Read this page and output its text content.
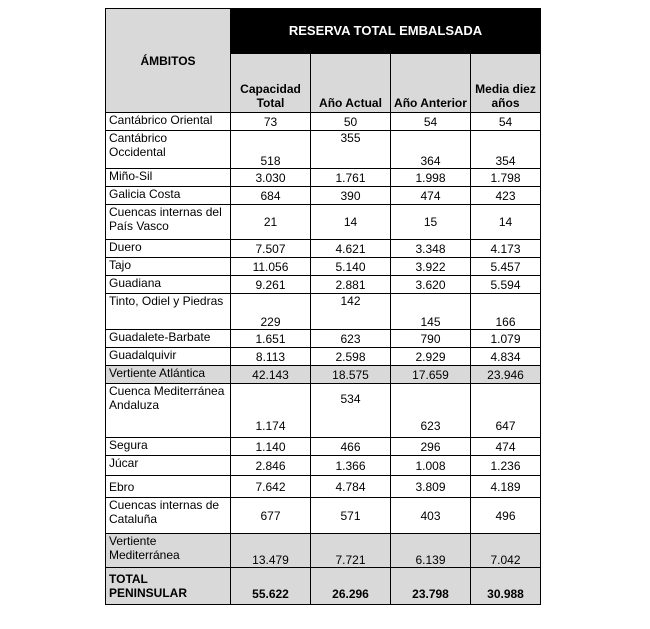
ÁMBITOS	RESERVA TOTAL EMBALSADA			
	Capacidad Total	Año Actual	Año Anterior	Media diez años
Cantábrico Oriental	73	50	54	54
Cantábrico Occidental	518	355	364	354
Miño-Sil	3.030	1.761	1.998	1.798
Galicia Costa	684	390	474	423
Cuencas internas del País Vasco	21	14	15	14
Duero	7.507	4.621	3.348	4.173
Tajo	11.056	5.140	3.922	5.457
Guadiana	9.261	2.881	3.620	5.594
Tinto, Odiel y Piedras	229	142	145	166
Guadalete-Barbate	1.651	623	790	1.079
Guadalquivir	8.113	2.598	2.929	4.834
Vertiente Atlántica	42.143	18.575	17.659	23.946
Cuenca Mediterránea Andaluza	1.174	534	623	647
Segura	1.140	466	296	474
Júcar	2.846	1.366	1.008	1.236
Ebro	7.642	4.784	3.809	4.189
Cuencas internas de Cataluña	677	571	403	496
Vertiente Mediterránea	13.479	7.721	6.139	7.042
TOTAL PENINSULAR	55.622	26.296	23.798	30.988
